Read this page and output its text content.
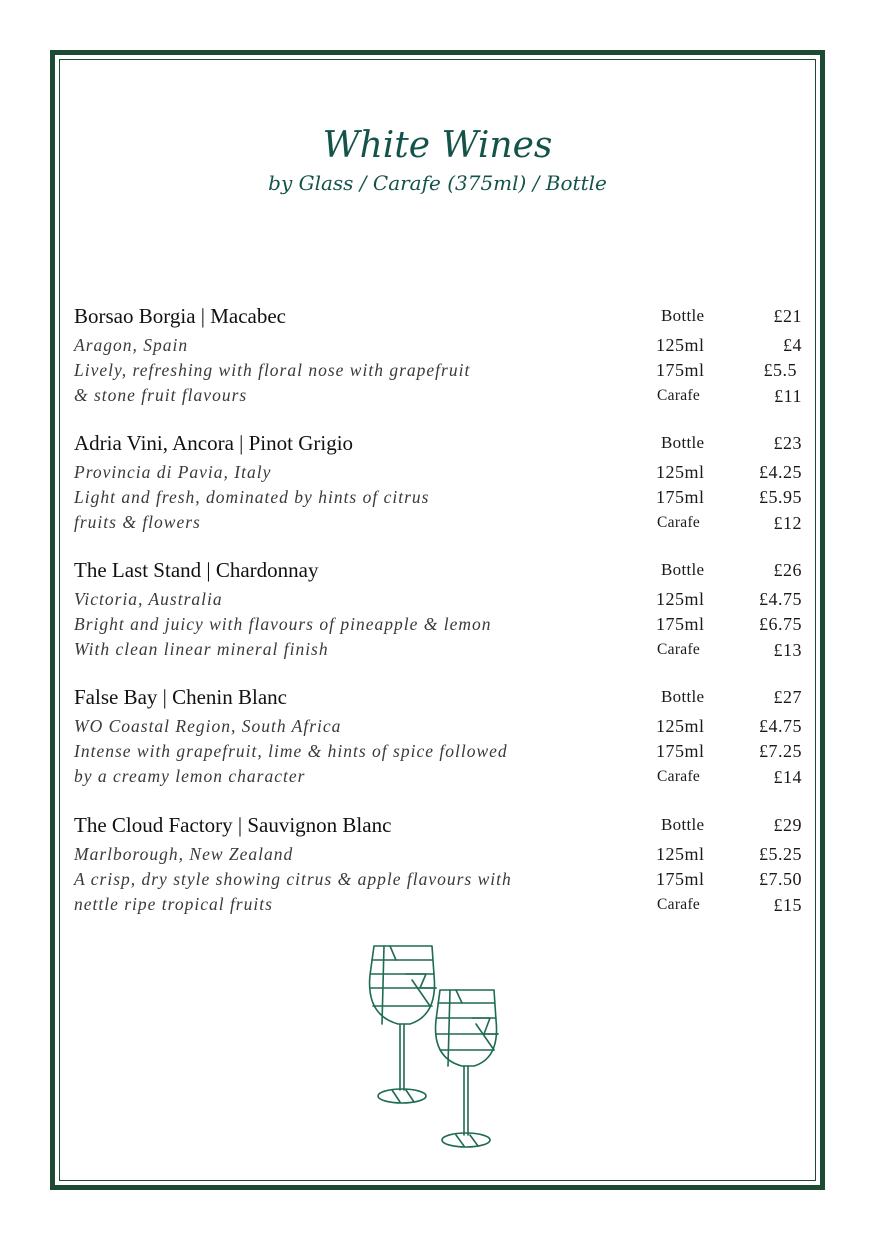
White Wines
by Glass / Carafe (375ml) / Bottle
Borsao Borgia | Macabec
Aragon, Spain
Lively, refreshing with floral nose with grapefruit
& stone fruit flavours
Bottle
125ml
175ml
Carafe
£21
£4
£5.5
£11
Adria Vini, Ancora | Pinot Grigio
Provincia di Pavia, Italy
Light and fresh, dominated by hints of citrus
fruits & flowers
Bottle
125ml
175ml
Carafe
£23
£4.25
£5.95
£12
The Last Stand | Chardonnay
Victoria, Australia
Bright and juicy with flavours of pineapple & lemon
With clean linear mineral finish
Bottle
125ml
175ml
Carafe
£26
£4.75
£6.75
£13
False Bay | Chenin Blanc
WO Coastal Region, South Africa
Intense with grapefruit, lime & hints of spice followed
by a creamy lemon character
Bottle
125ml
175ml
Carafe
£27
£4.75
£7.25
£14
The Cloud Factory | Sauvignon Blanc
Marlborough, New Zealand
A crisp, dry style showing citrus & apple flavours with
nettle ripe tropical fruits
Bottle
125ml
175ml
Carafe
£29
£5.25
£7.50
£15
